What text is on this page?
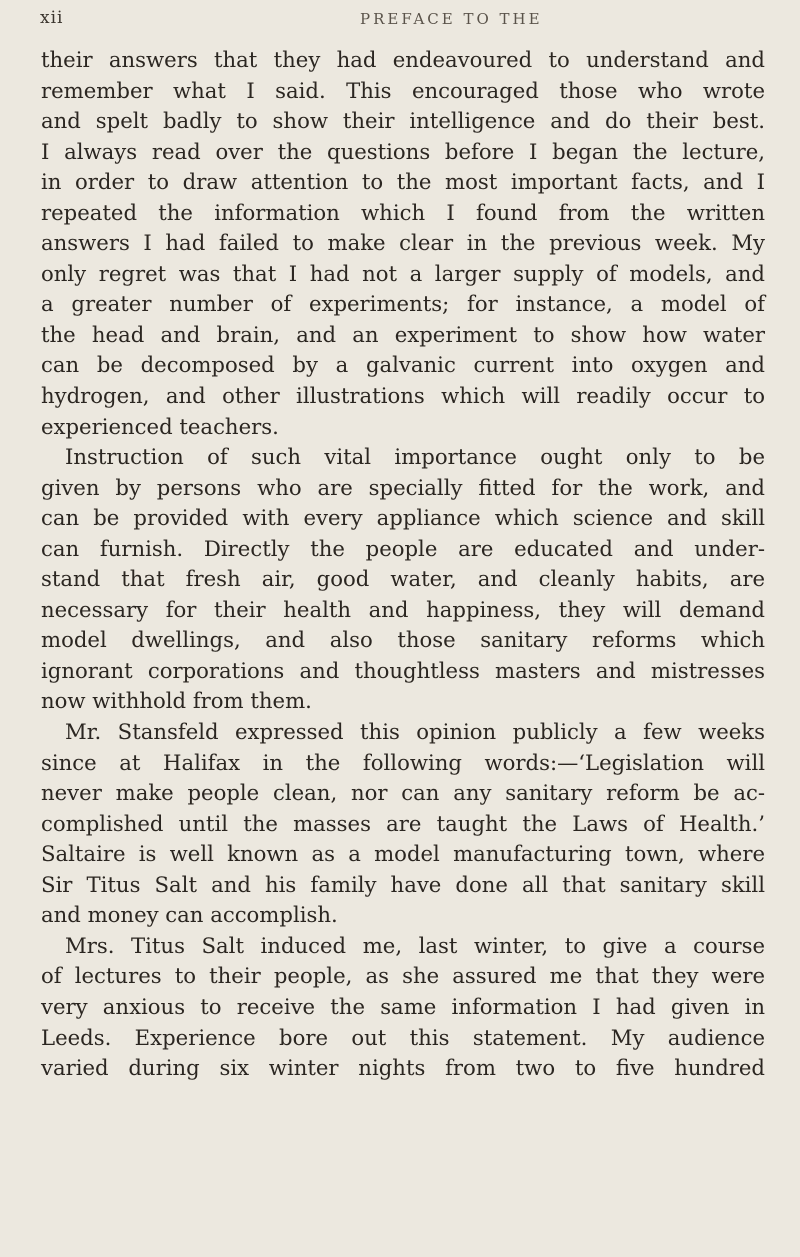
xii	PREFACE TO THE
their answers that they had endeavoured to understand and
remember what I said. This encouraged those who wrote
and spelt badly to show their intelligence and do their best.
I always read over the questions before I began the lecture,
in order to draw attention to the most important facts, and I
repeated the information which I found from the written
answers I had failed to make clear in the previous week. My
only regret was that I had not a larger supply of models, and
a greater number of experiments; for instance, a model of
the head and brain, and an experiment to show how water
can be decomposed by a galvanic current into oxygen and
hydrogen, and other illustrations which will readily occur to
experienced teachers.
Instruction of such vital importance ought only to be
given by persons who are specially fitted for the work, and
can be provided with every appliance which science and skill
can furnish. Directly the people are educated and under-
stand that fresh air, good water, and cleanly habits, are
necessary for their health and happiness, they will demand
model dwellings, and also those sanitary reforms which
ignorant corporations and thoughtless masters and mistresses
now withhold from them.
Mr. Stansfeld expressed this opinion publicly a few weeks
since at Halifax in the following words:—‘Legislation will
never make people clean, nor can any sanitary reform be ac-
complished until the masses are taught the Laws of Health.’
Saltaire is well known as a model manufacturing town, where
Sir Titus Salt and his family have done all that sanitary skill
and money can accomplish.
Mrs. Titus Salt induced me, last winter, to give a course
of lectures to their people, as she assured me that they were
very anxious to receive the same information I had given in
Leeds. Experience bore out this statement. My audience
varied during six winter nights from two to five hundred
